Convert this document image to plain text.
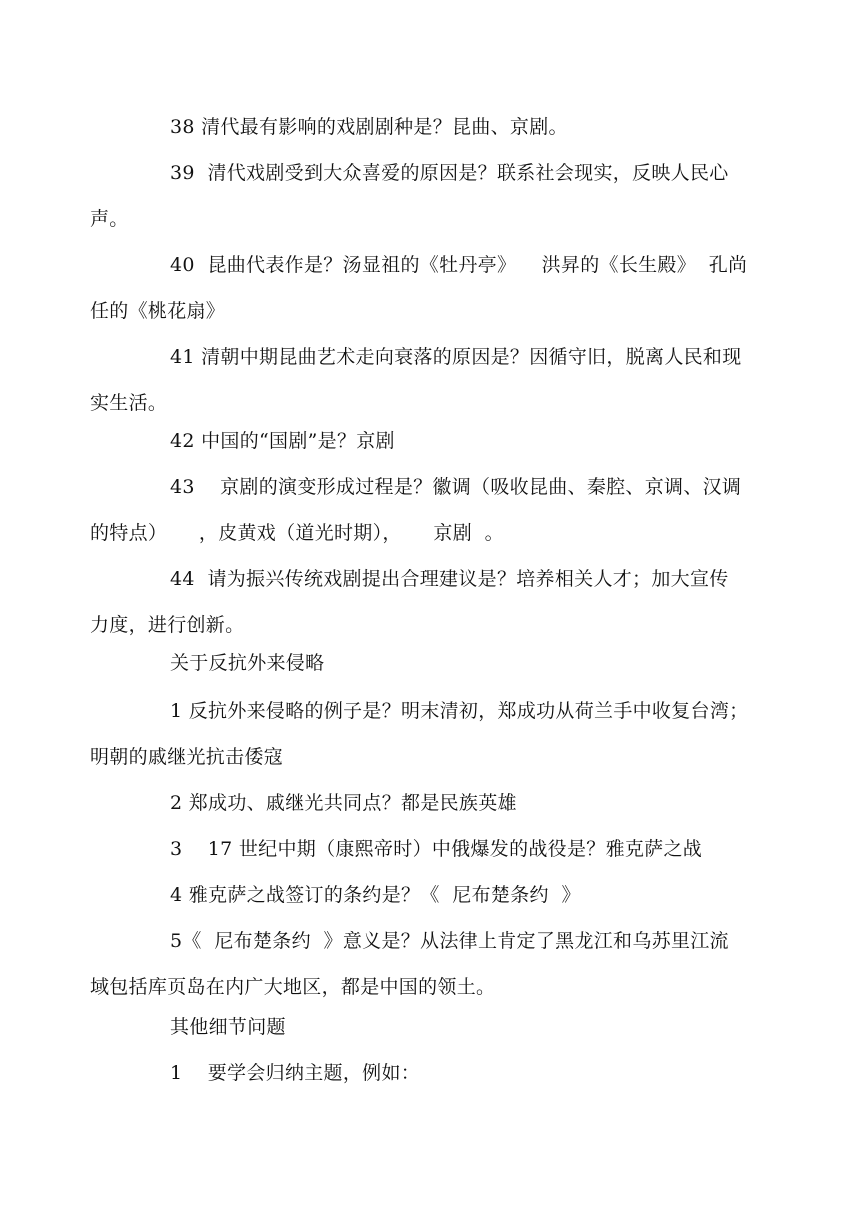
38 清代最有影响的戏剧剧种是？昆曲、京剧。

39  清代戏剧受到大众喜爱的原因是？联系社会现实，反映人民心
声。

40  昆曲代表作是？汤显祖的《牡丹亭》    洪昇的《长生殿》  孔尚
任的《桃花扇》

41 清朝中期昆曲艺术走向衰落的原因是？因循守旧，脱离人民和现
实生活。

42 中国的“国剧”是？京剧

43    京剧的演变形成过程是？徽调（吸收昆曲、秦腔、京调、汉调
的特点）     ，皮黄戏（道光时期），     京剧  。

44  请为振兴传统戏剧提出合理建议是？培养相关人才；加大宣传
力度，进行创新。

关于反抗外来侵略

1 反抗外来侵略的例子是？明末清初，郑成功从荷兰手中收复台湾；
明朝的戚继光抗击倭寇

2 郑成功、戚继光共同点？都是民族英雄

3    17 世纪中期（康熙帝时）中俄爆发的战役是？雅克萨之战

4 雅克萨之战签订的条约是？《  尼布楚条约  》

5《  尼布楚条约  》意义是？从法律上肯定了黑龙江和乌苏里江流
域包括库页岛在内广大地区，都是中国的领土。

其他细节问题

1    要学会归纳主题，例如：
